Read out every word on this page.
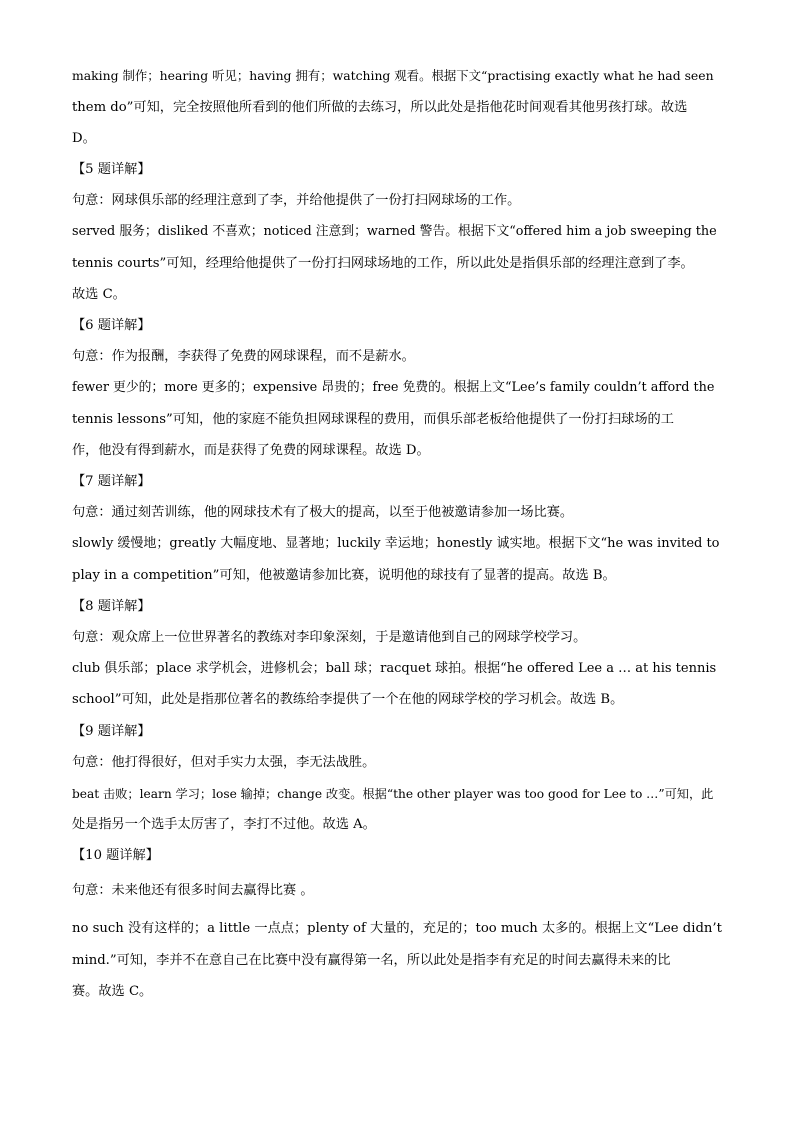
making 制作；hearing 听见；having 拥有；watching 观看。根据下文“practising exactly what he had seen
them do”可知，完全按照他所看到的他们所做的去练习，所以此处是指他花时间观看其他男孩打球。故选
D。
【5 题详解】
句意：网球俱乐部的经理注意到了李，并给他提供了一份打扫网球场的工作。
served 服务；disliked 不喜欢；noticed 注意到；warned 警告。根据下文“offered him a job sweeping the
tennis courts”可知，经理给他提供了一份打扫网球场地的工作，所以此处是指俱乐部的经理注意到了李。
故选 C。
【6 题详解】
句意：作为报酬，李获得了免费的网球课程，而不是薪水。
fewer 更少的；more 更多的；expensive 昂贵的；free 免费的。根据上文“Lee’s family couldn’t afford the
tennis lessons”可知，他的家庭不能负担网球课程的费用，而俱乐部老板给他提供了一份打扫球场的工
作，他没有得到薪水，而是获得了免费的网球课程。故选 D。
【7 题详解】
句意：通过刻苦训练，他的网球技术有了极大的提高，以至于他被邀请参加一场比赛。
slowly 缓慢地；greatly 大幅度地、显著地；luckily 幸运地；honestly 诚实地。根据下文“he was invited to
play in a competition”可知，他被邀请参加比赛，说明他的球技有了显著的提高。故选 B。
【8 题详解】
句意：观众席上一位世界著名的教练对李印象深刻，于是邀请他到自己的网球学校学习。
club 俱乐部；place 求学机会，进修机会；ball 球；racquet 球拍。根据“he offered Lee a … at his tennis
school”可知，此处是指那位著名的教练给李提供了一个在他的网球学校的学习机会。故选 B。
【9 题详解】
句意：他打得很好，但对手实力太强，李无法战胜。
beat 击败；learn 学习；lose 输掉；change 改变。根据“the other player was too good for Lee to …”可知，此
处是指另一个选手太厉害了，李打不过他。故选 A。
【10 题详解】
句意：未来他还有很多时间去赢得比赛 。
no such 没有这样的；a little 一点点；plenty of 大量的，充足的；too much 太多的。根据上文“Lee didn’t
mind.”可知，李并不在意自己在比赛中没有赢得第一名，所以此处是指李有充足的时间去赢得未来的比
赛。故选 C。
